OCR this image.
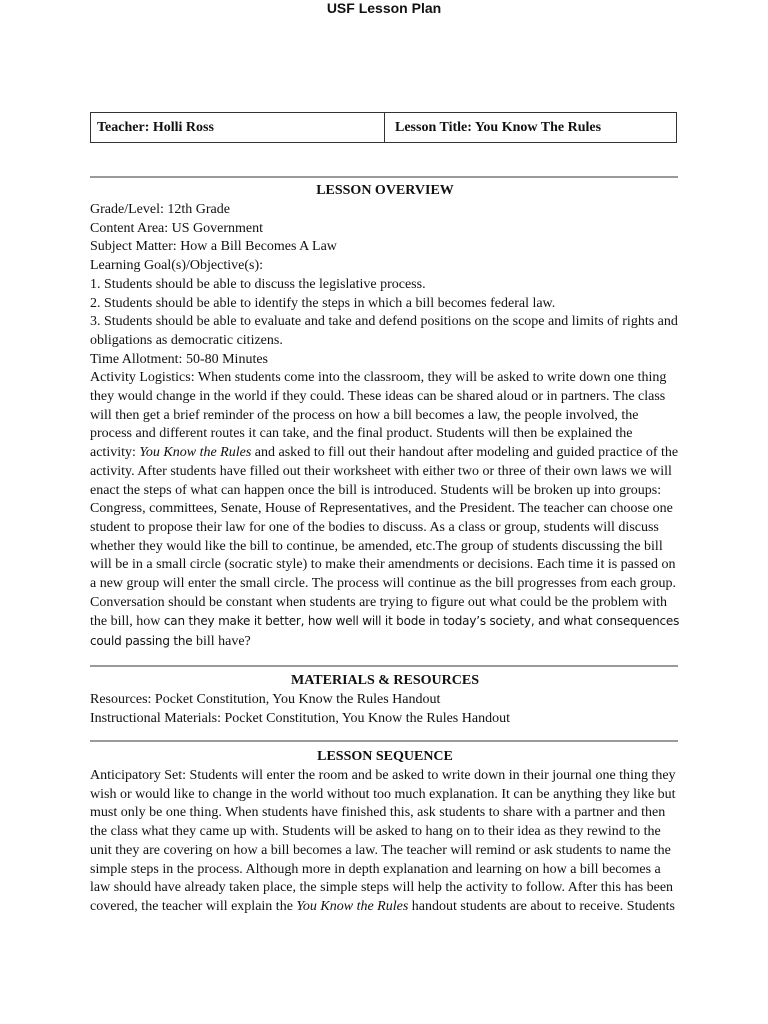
USF Lesson Plan
Teacher: Holli Ross	Lesson Title: You Know The Rules
LESSON OVERVIEW

Grade/Level: 12th Grade

Content Area: US Government

Subject Matter: How a Bill Becomes A Law

Learning Goal(s)/Objective(s):

1. Students should be able to discuss the legislative process.

2. Students should be able to identify the steps in which a bill becomes federal law.

3. Students should be able to evaluate and take and defend positions on the scope and limits of rights and obligations as democratic citizens.

Time Allotment: 50-80 Minutes

Activity Logistics: When students come into the classroom, they will be asked to write down one thing they would change in the world if they could. These ideas can be shared aloud or in partners. The class will then get a brief reminder of the process on how a bill becomes a law, the people involved, the process and different routes it can take, and the final product. Students will then be explained the activity: You Know the Rules and asked to fill out their handout after modeling and guided practice of the activity. After students have filled out their worksheet with either two or three of their own laws we will enact the steps of what can happen once the bill is introduced. Students will be broken up into groups: Congress, committees, Senate, House of Representatives, and the President. The teacher can choose one student to propose their law for one of the bodies to discuss. As a class or group, students will discuss whether they would like the bill to continue, be amended, etc.The group of students discussing the bill will be in a small circle (socratic style) to make their amendments or decisions. Each time it is passed on a new group will enter the small circle. The process will continue as the bill progresses from each group. Conversation should be constant when students are trying to figure out what could be the problem with the bill, how can they make it better, how well will it bode in today’s society, and what consequences could passing the bill have?

MATERIALS & RESOURCES

Resources: Pocket Constitution, You Know the Rules Handout

Instructional Materials: Pocket Constitution, You Know the Rules Handout

LESSON SEQUENCE

Anticipatory Set: Students will enter the room and be asked to write down in their journal one thing they wish or would like to change in the world without too much explanation. It can be anything they like but must only be one thing. When students have finished this, ask students to share with a partner and then the class what they came up with. Students will be asked to hang on to their idea as they rewind to the unit they are covering on how a bill becomes a law. The teacher will remind or ask students to name the simple steps in the process. Although more in depth explanation and learning on how a bill becomes a law should have already taken place, the simple steps will help the activity to follow. After this has been covered, the teacher will explain the You Know the Rules handout students are about to receive. Students
